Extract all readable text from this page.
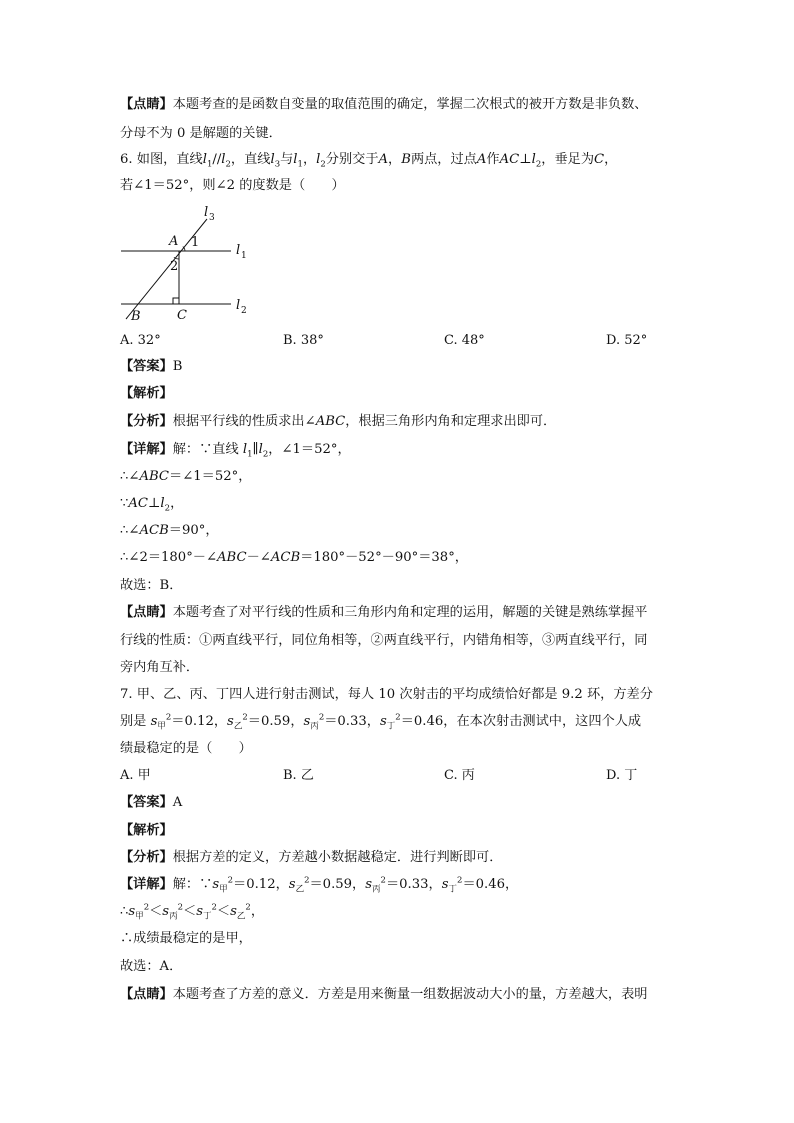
【点睛】本题考查的是函数自变量的取值范围的确定，掌握二次根式的被开方数是非负数、
分母不为 0 是解题的关键．
6. 如图，直线$l_1//l_2$，直线$l_3$与$l_1$，$l_2$分别交于A，B两点，过点A作$AC\perp l_2$，垂足为C，
若∠1＝52°，则∠2 的度数是（　　）
l 3
l 1
l 2
A 1
2
B	C
A. 32°	B. 38°	C. 48°	D. 52°
【答案】B
【解析】
【分析】根据平行线的性质求出∠ABC，根据三角形内角和定理求出即可．
【详解】解：∵直线 $l_1\parallel l_2$，∠1＝52°，
∴∠ABC＝∠1＝52°，
$\because AC\perp l_2$，
∴∠ACB＝90°，
∴∠2＝180°－∠ABC－∠ACB＝180°－52°－90°＝38°，
故选：B．
【点睛】本题考查了对平行线的性质和三角形内角和定理的运用，解题的关键是熟练掌握平
行线的性质：①两直线平行，同位角相等，②两直线平行，内错角相等，③两直线平行，同
旁内角互补．
7. 甲、乙、丙、丁四人进行射击测试，每人 10 次射击的平均成绩恰好都是 9.2 环，方差分
别是 $s_甲^2=0.12$，$s_乙^2=0.59$，$s_丙^2=0.33$，$s_丁^2=0.46$，在本次射击测试中，这四个人成
绩最稳定的是（　　）
A. 甲	B. 乙	C. 丙	D. 丁
【答案】A
【解析】
【分析】根据方差的定义，方差越小数据越稳定．进行判断即可．
【详解】解：$\because s_甲^2=0.12$，$s_乙^2=0.59$，$s_丙^2=0.33$，$s_丁^2=0.46$，
$\therefore s_甲^2<s_丙^2<s_丁^2<s_乙^2$，
∴成绩最稳定的是甲，
故选：A．
【点睛】本题考查了方差的意义．方差是用来衡量一组数据波动大小的量，方差越大，表明
